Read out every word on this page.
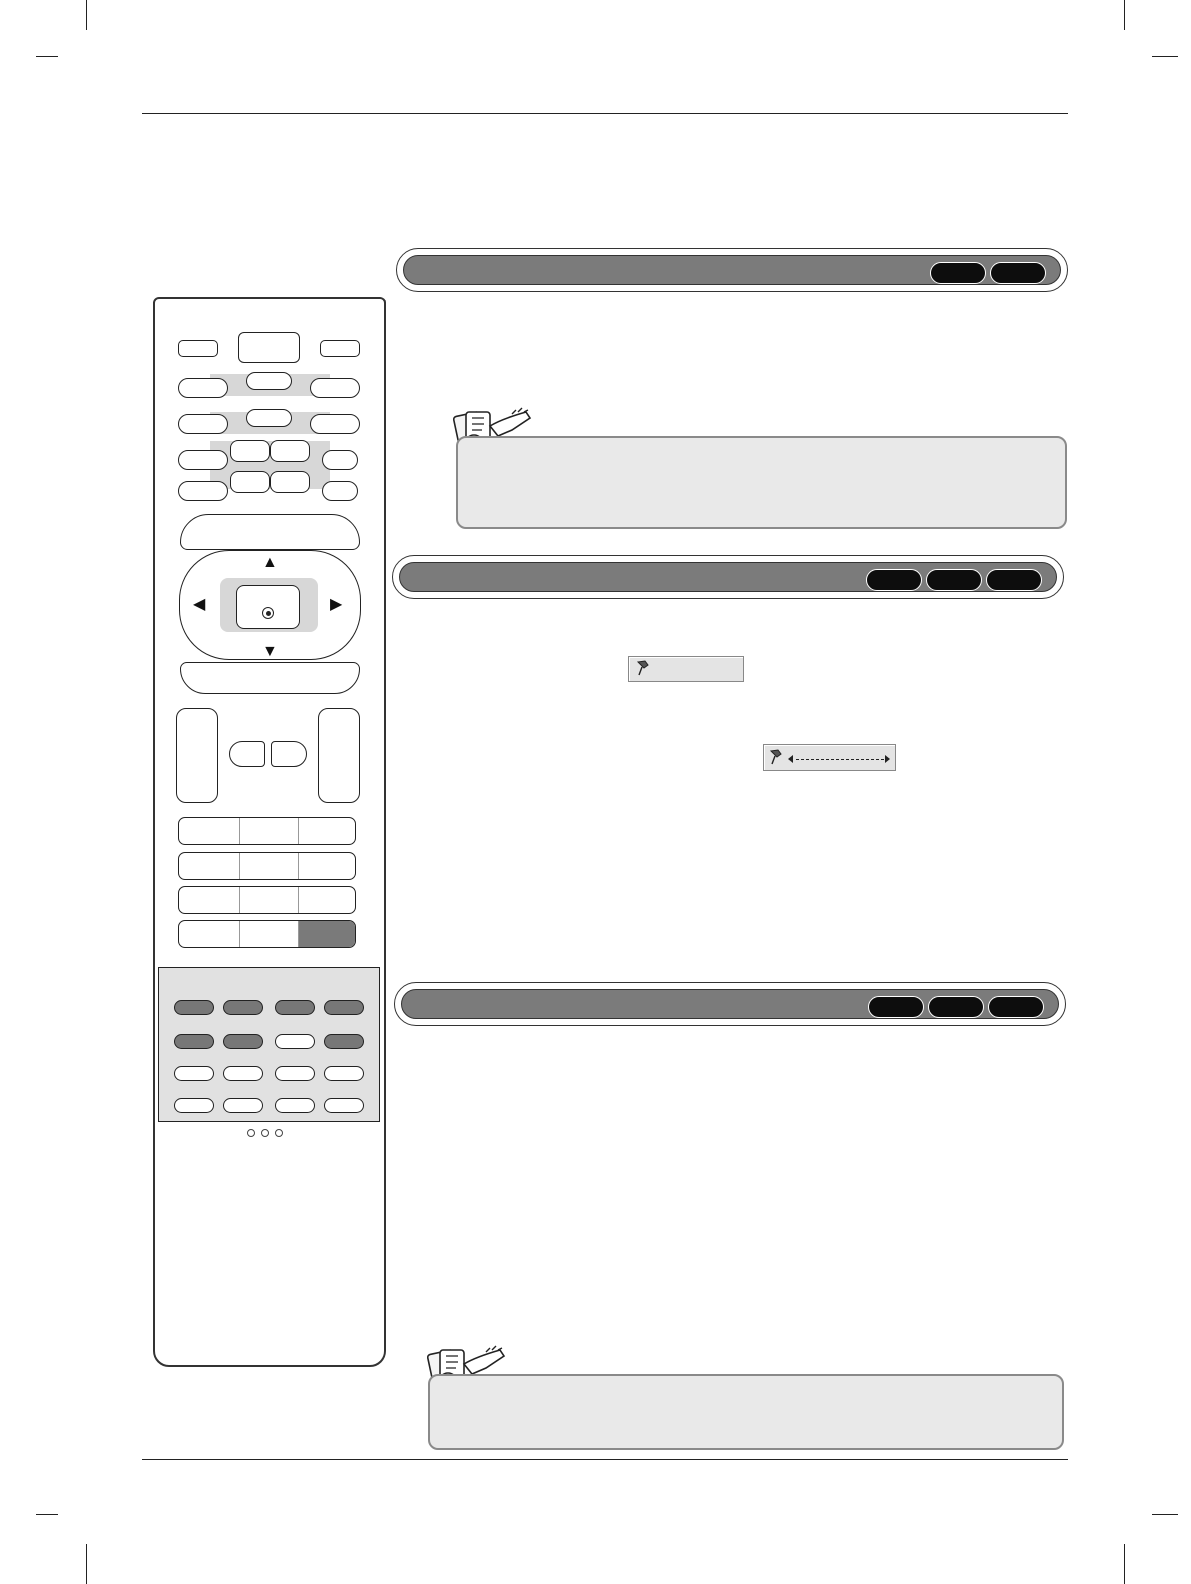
▲
▼
◀	▶
